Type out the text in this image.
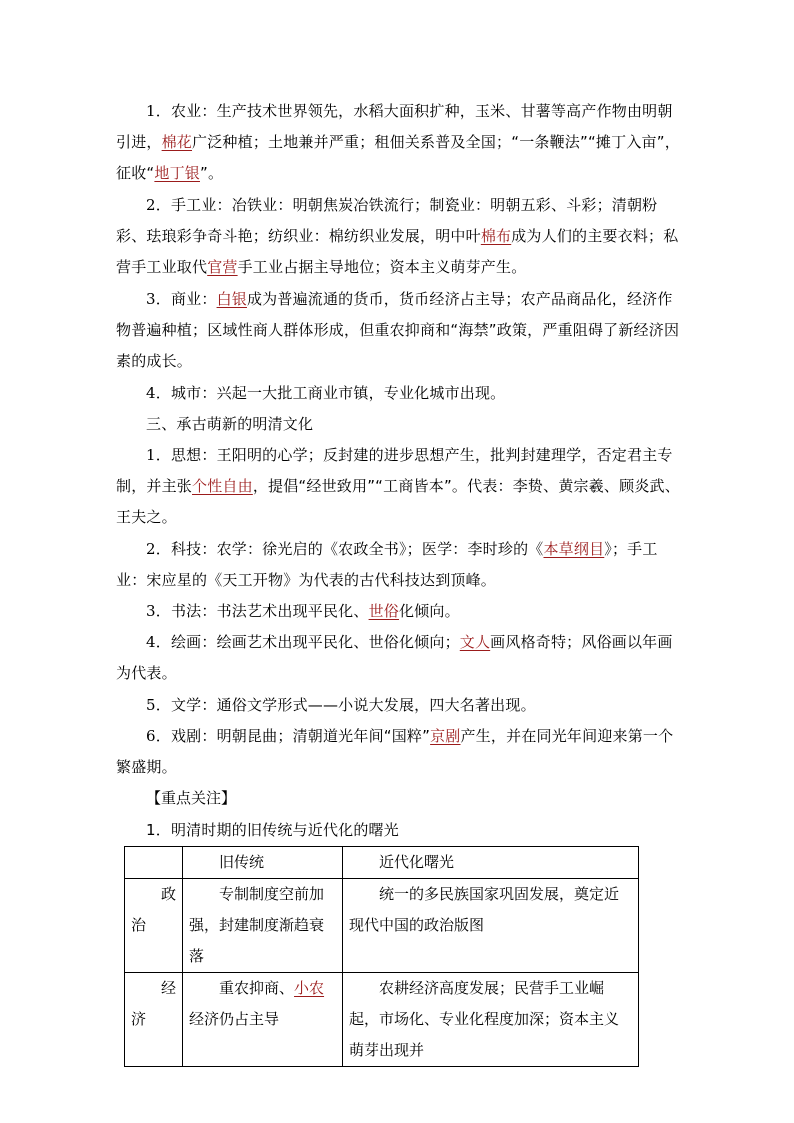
1．农业：生产技术世界领先，水稻大面积扩种，玉米、甘薯等高产作物由明朝引进，棉花广泛种植；土地兼并严重；租佃关系普及全国；“一条鞭法”“摊丁入亩”，征收“地丁银”。

2．手工业：冶铁业：明朝焦炭冶铁流行；制瓷业：明朝五彩、斗彩；清朝粉彩、珐琅彩争奇斗艳；纺织业：棉纺织业发展，明中叶棉布成为人们的主要衣料；私营手工业取代官营手工业占据主导地位；资本主义萌芽产生。

3．商业：白银成为普遍流通的货币，货币经济占主导；农产品商品化，经济作物普遍种植；区域性商人群体形成，但重农抑商和“海禁”政策，严重阻碍了新经济因素的成长。

4．城市：兴起一大批工商业市镇，专业化城市出现。

三、承古萌新的明清文化

1．思想：王阳明的心学；反封建的进步思想产生，批判封建理学，否定君主专制，并主张个性自由，提倡“经世致用”“工商皆本”。代表：李贽、黄宗羲、顾炎武、王夫之。

2．科技：农学：徐光启的《农政全书》；医学：李时珍的《本草纲目》；手工业：宋应星的《天工开物》为代表的古代科技达到顶峰。

3．书法：书法艺术出现平民化、世俗化倾向。

4．绘画：绘画艺术出现平民化、世俗化倾向；文人画风格奇特；风俗画以年画为代表。

5．文学：通俗文学形式——小说大发展，四大名著出现。

6．戏剧：明朝昆曲；清朝道光年间“国粹”京剧产生，并在同光年间迎来第一个繁盛期。

【重点关注】

1．明清时期的旧传统与近代化的曙光

	旧传统	近代化曙光
政治	专制制度空前加强，封建制度渐趋衰落	统一的多民族国家巩固发展，奠定近现代中国的政治版图
经济	重农抑商、小农经济仍占主导	农耕经济高度发展；民营手工业崛起，市场化、专业化程度加深；资本主义萌芽出现并
